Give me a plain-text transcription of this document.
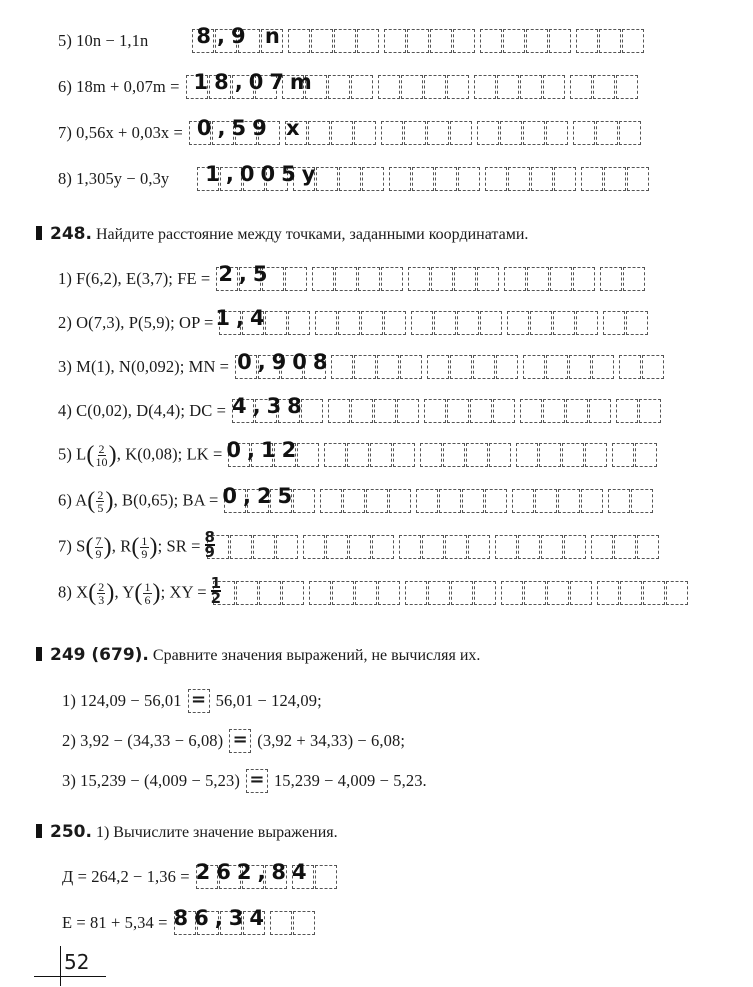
5) 10n − 1,1n 8,9 n
6) 18m + 0,07m = 18,07m
7) 0,56x + 0,03x = 0,59 x
8) 1,305y − 0,3y 1,005y
248. Найдите расстояние между точками, заданными координатами.
1) F(6,2), E(3,7); FE = 2,5
2) O(7,3), P(5,9); OP = 1,4
3) M(1), N(0,092); MN = 0,908
4) C(0,02), D(4,4); DC = 4,38
5) $L( \frac{2}{10}$ ), K(0,08); LK = 0,12
6) $A( \frac{2}{5}$ ), B(0,65); BA = 0,25
7) $S( \frac{7}{9}$ ), $R( \frac{1}{9}$ ); SR = 8
9
8) $X( \frac{2}{3}$ ), $Y( \frac{1}{6}$ ); XY = 1
2
249 (679). Сравните значения выражений, не вычисляя их.
1) 124,09 − 56,01 = 56,01 − 124,09;
2) 3,92 − (34,33 − 6,08) = (3,92 + 34,33) − 6,08;
3) 15,239 − (4,009 − 5,23) = 15,239 − 4,009 − 5,23.
250. 1) Вычислите значение выражения.
Д = 264,2 − 1,36 = 262,84
Е = 81 + 5,34 = 86,34
52
